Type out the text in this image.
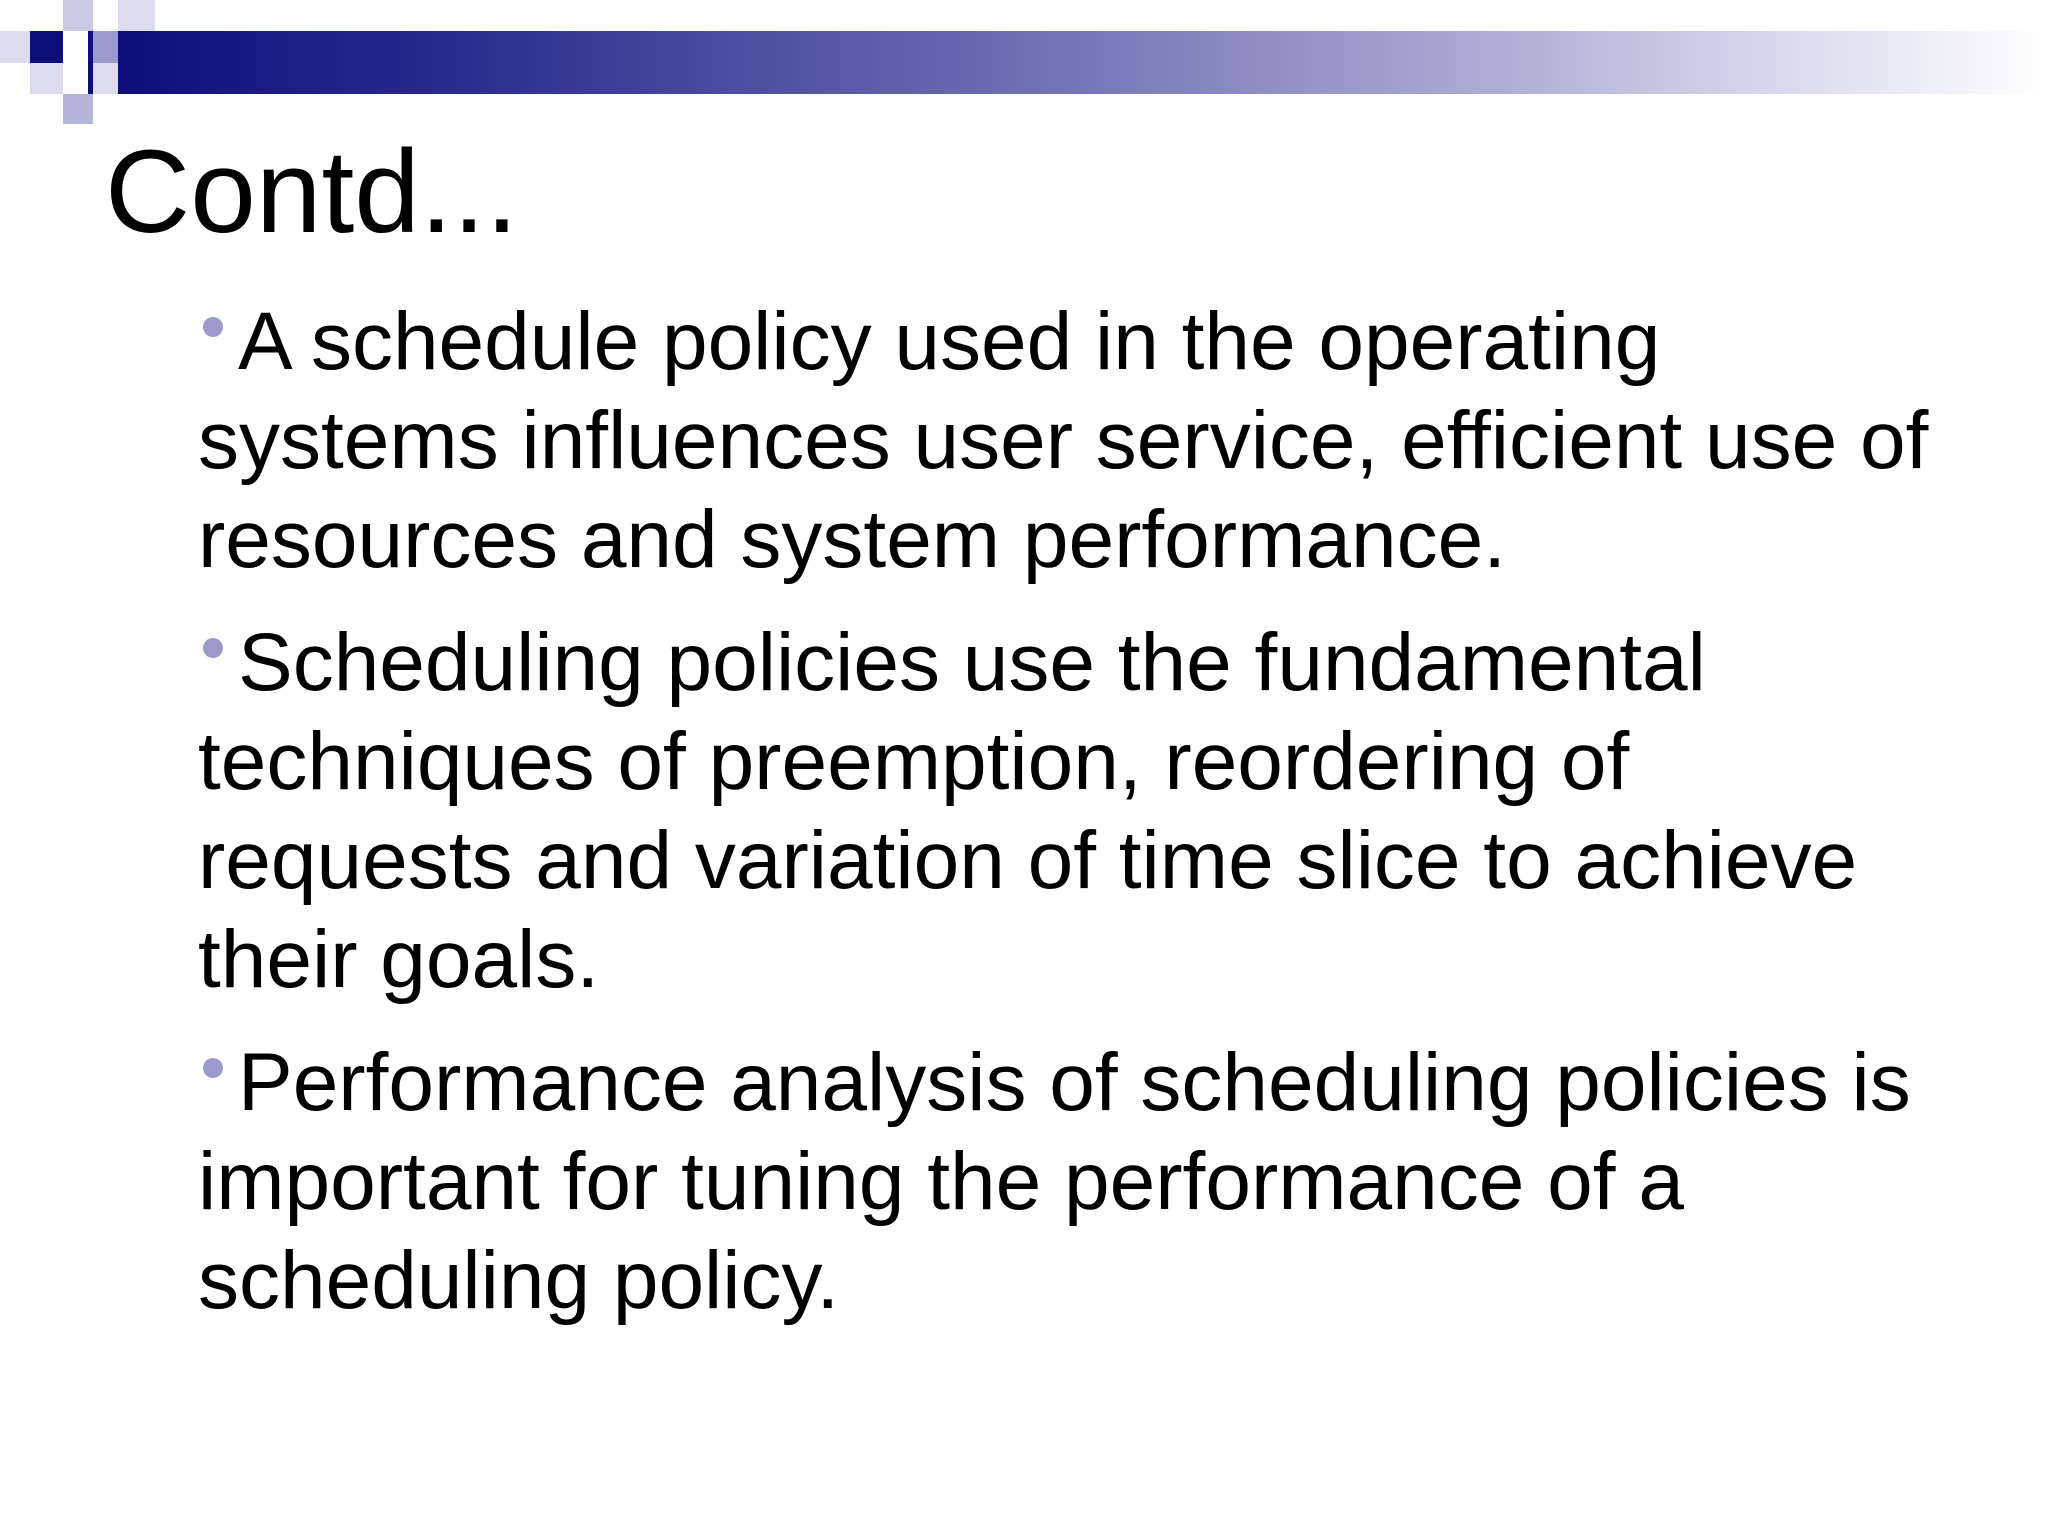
Contd...
A schedule policy used in the operating systems influences user service, efficient use of resources and system performance.
Scheduling policies use the fundamental techniques of preemption, reordering of requests and variation of time slice to achieve their goals.
Performance analysis of scheduling policies is important for tuning the performance of a scheduling policy.
